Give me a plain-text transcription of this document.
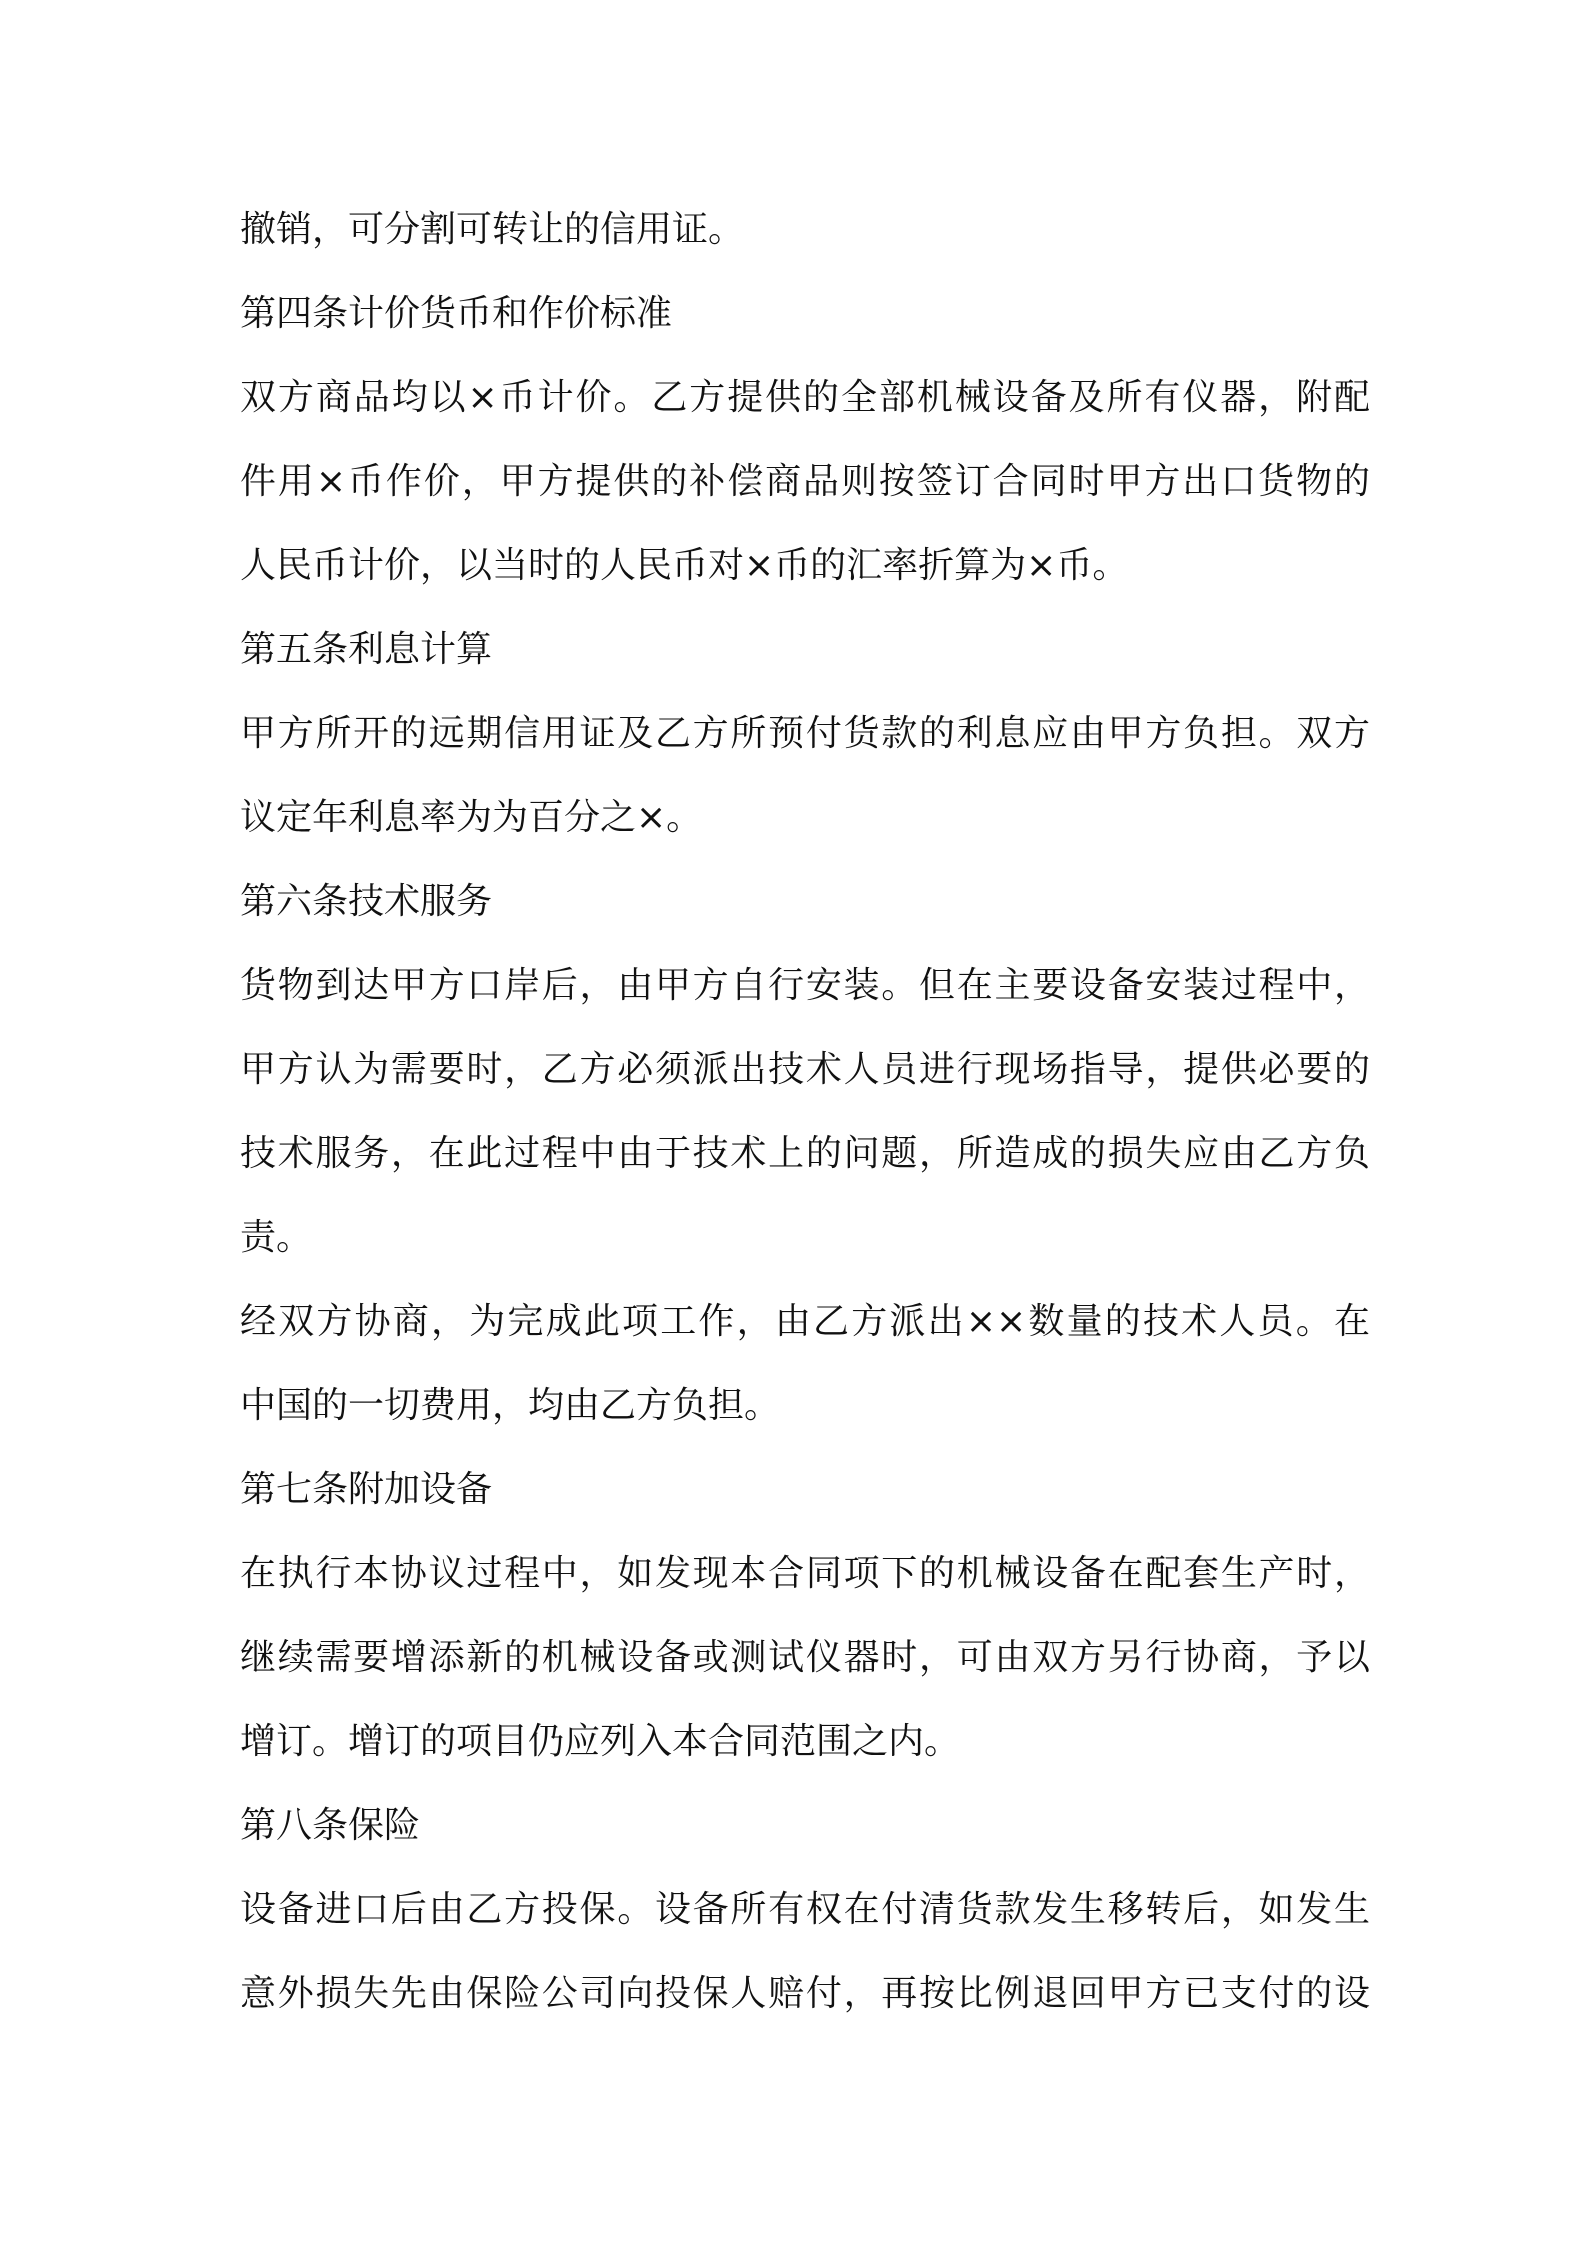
撤销，可分割可转让的信用证。
第四条计价货币和作价标准
双方商品均以×币计价。乙方提供的全部机械设备及所有仪器，附配
件用×币作价，甲方提供的补偿商品则按签订合同时甲方出口货物的
人民币计价，以当时的人民币对×币的汇率折算为×币。
第五条利息计算
甲方所开的远期信用证及乙方所预付货款的利息应由甲方负担。双方
议定年利息率为为百分之×。
第六条技术服务
货物到达甲方口岸后，由甲方自行安装。但在主要设备安装过程中，
甲方认为需要时，乙方必须派出技术人员进行现场指导，提供必要的
技术服务，在此过程中由于技术上的问题，所造成的损失应由乙方负
责。
经双方协商，为完成此项工作，由乙方派出××数量的技术人员。在
中国的一切费用，均由乙方负担。
第七条附加设备
在执行本协议过程中，如发现本合同项下的机械设备在配套生产时，
继续需要增添新的机械设备或测试仪器时，可由双方另行协商，予以
增订。增订的项目仍应列入本合同范围之内。
第八条保险
设备进口后由乙方投保。设备所有权在付清货款发生移转后，如发生
意外损失先由保险公司向投保人赔付，再按比例退回甲方已支付的设
